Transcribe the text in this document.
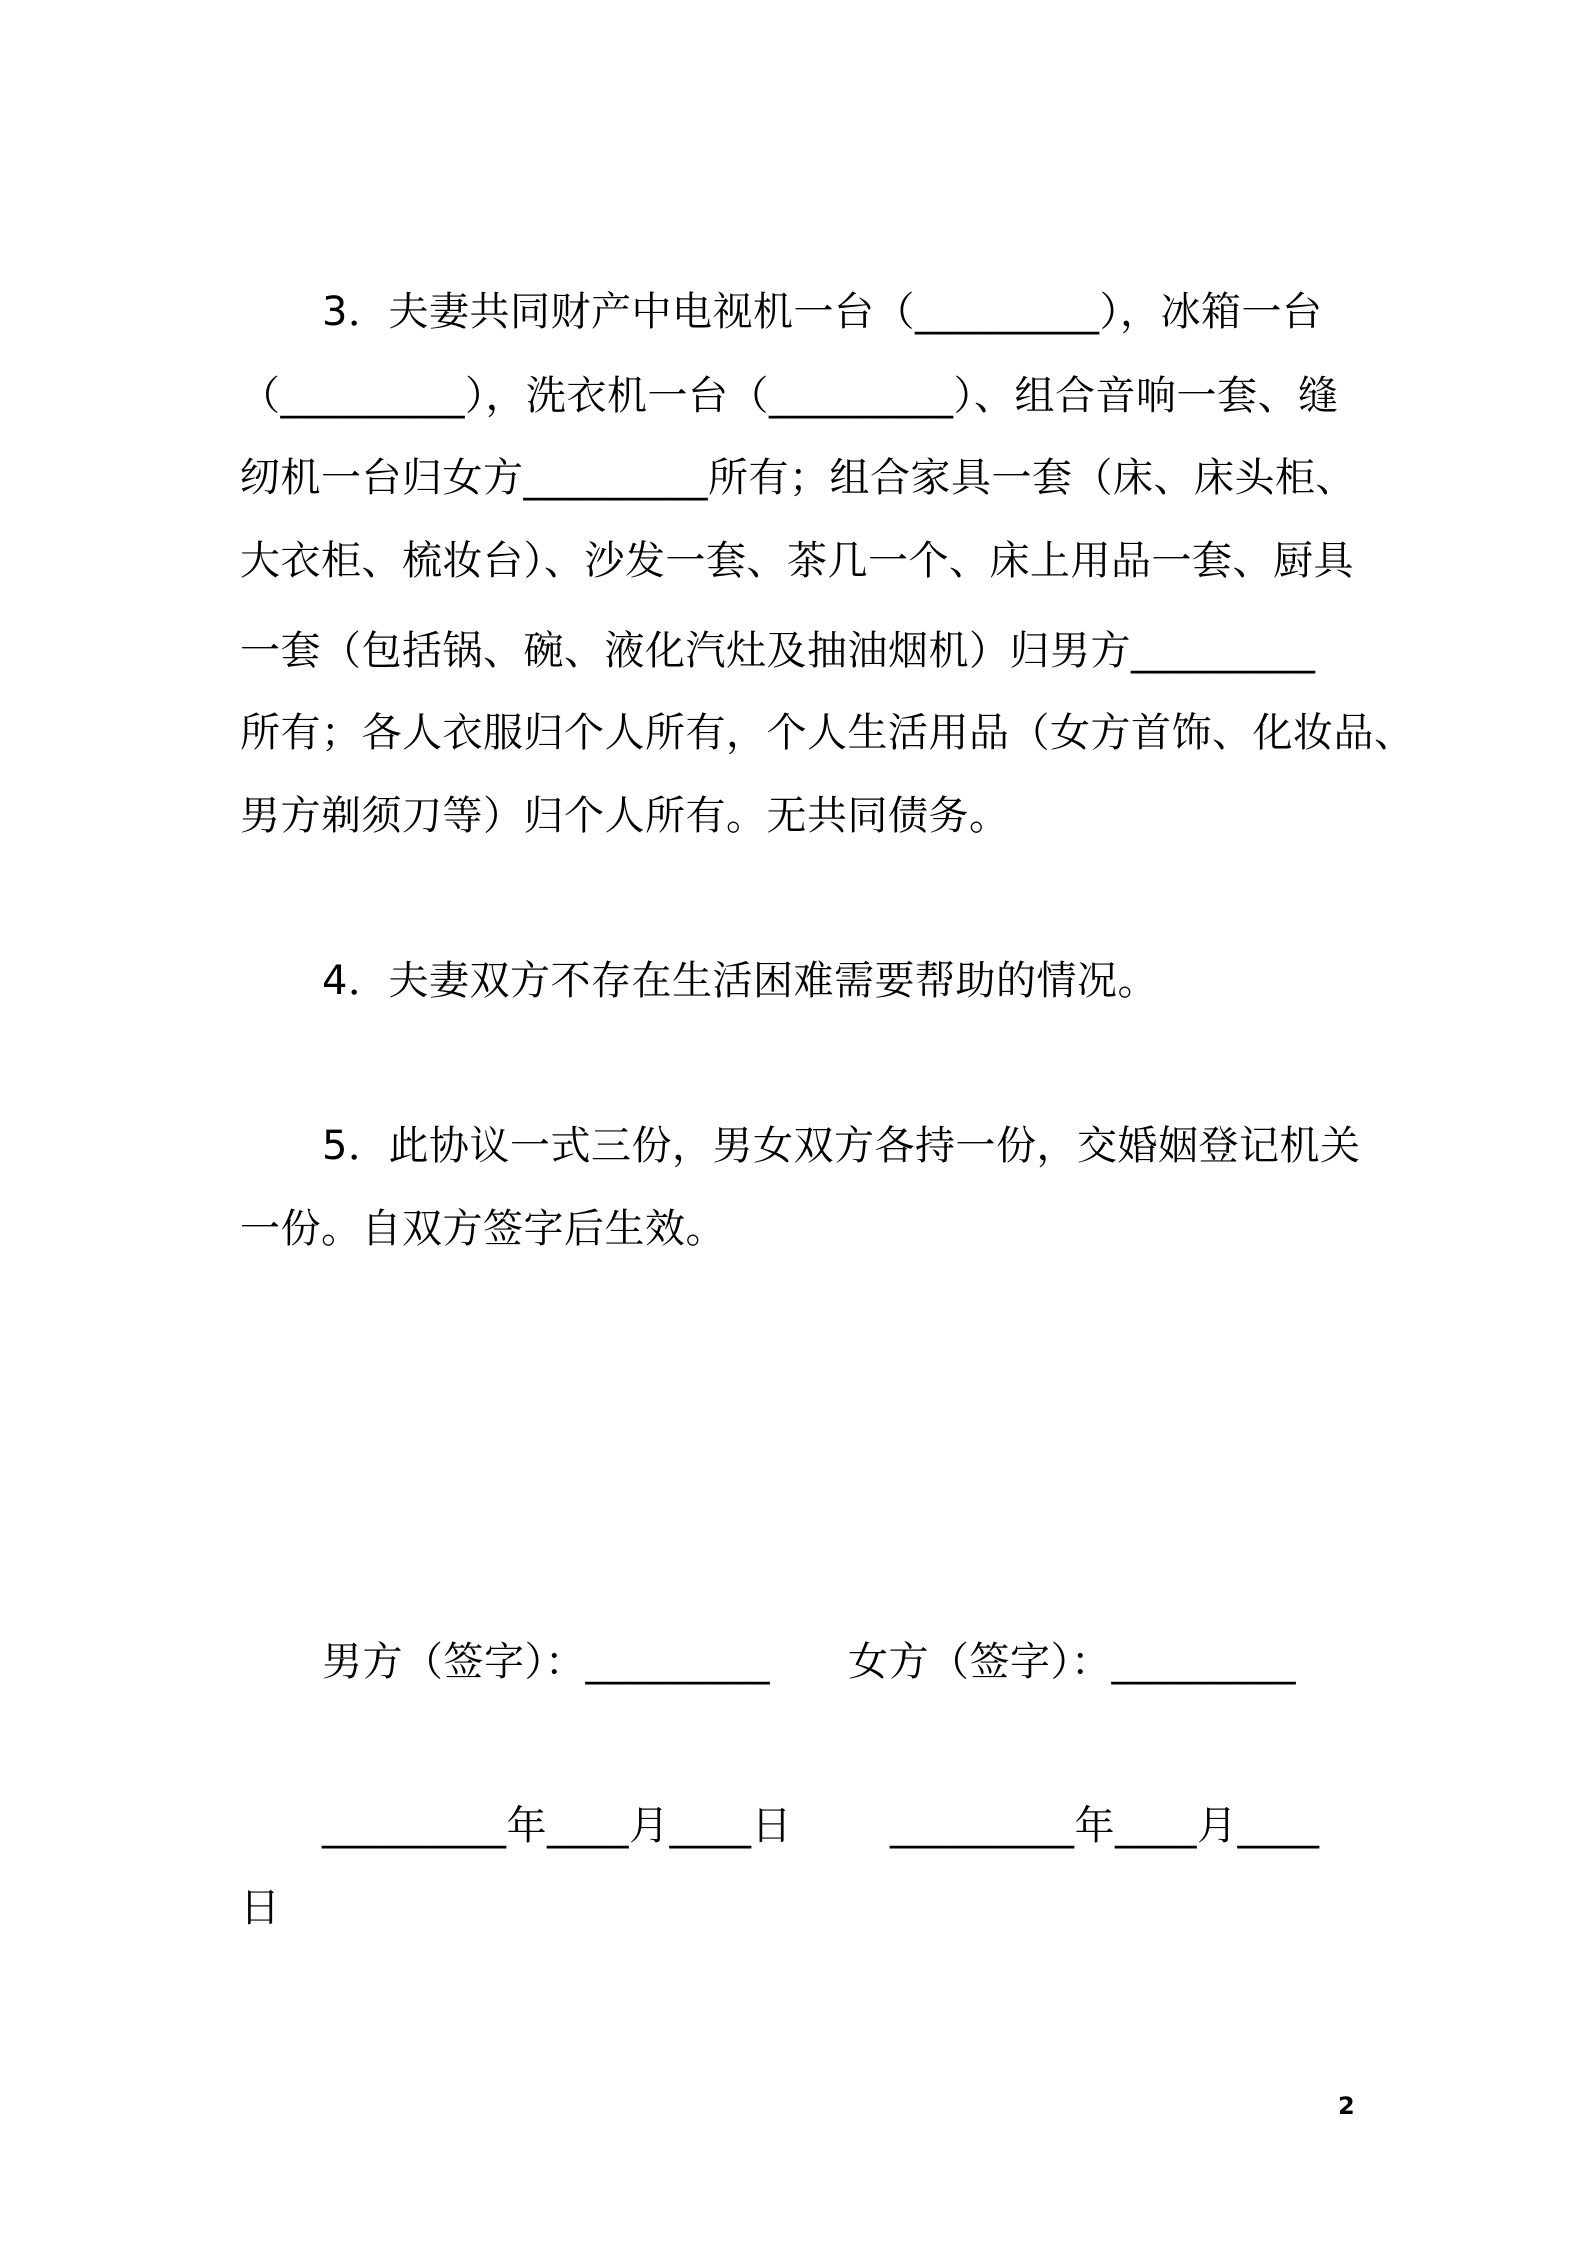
3．夫妻共同财产中电视机一台（_________），冰箱一台
（_________），洗衣机一台（_________）、组合音响一套、缝
纫机一台归女方_________所有；组合家具一套（床、床头柜、
大衣柜、梳妆台）、沙发一套、茶几一个、床上用品一套、厨具
一套（包括锅、碗、液化汽灶及抽油烟机）归男方_________
所有；各人衣服归个人所有，个人生活用品（女方首饰、化妆品、
男方剃须刀等）归个人所有。无共同债务。
4．夫妻双方不存在生活困难需要帮助的情况。
5．此协议一式三份，男女双方各持一份，交婚姻登记机关
一份。自双方签字后生效。
男方（签字）：_________ 女方（签字）：_________
_________年____月____日 _________年____月____
日
2
